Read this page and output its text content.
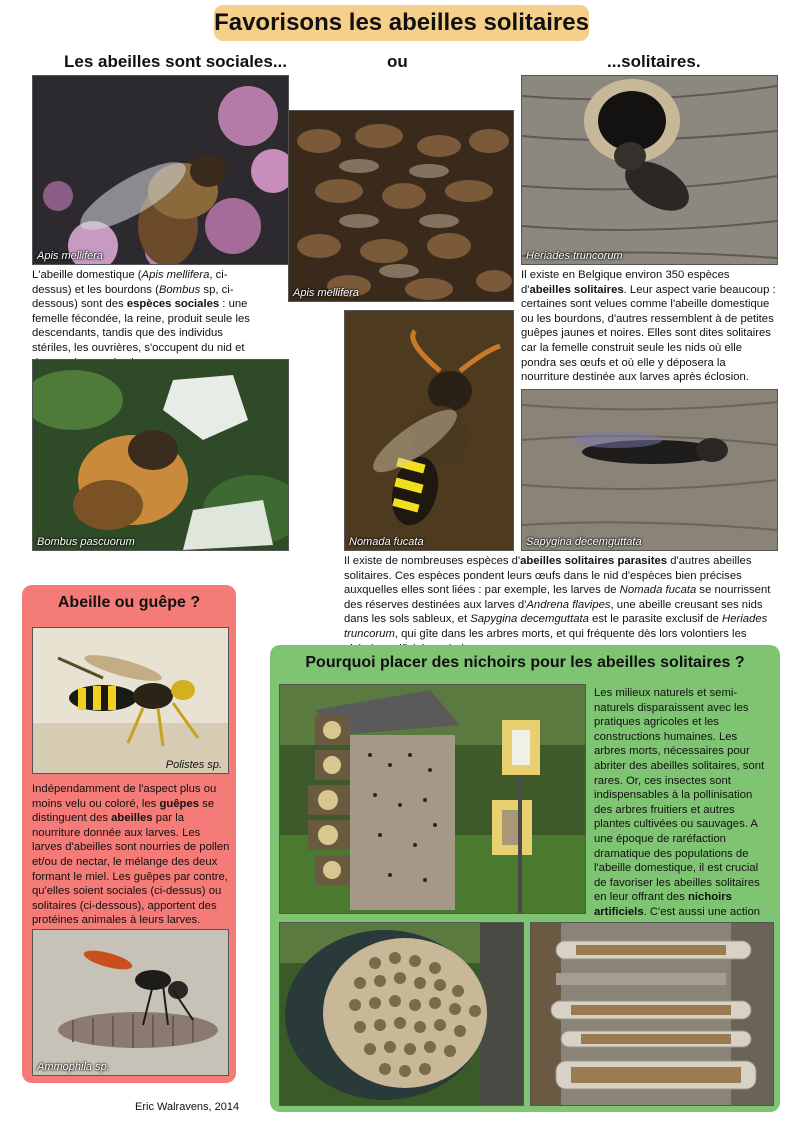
Favorisons les abeilles solitaires
Les abeilles sont sociales...	ou	...solitaires.
Apis mellifera
Apis mellifera
Heriades truncorum
L'abeille domestique (Apis mellifera, ci-dessus) et les bourdons (Bombus sp, ci-dessous) sont des espèces sociales : une femelle fécondée, la reine, produit seule les descendants, tandis que des individus stériles, les ouvrières, s'occupent du nid et
Il existe en Belgique environ 350 espèces d'abeilles solitaires. Leur aspect varie beaucoup : certaines sont velues comme l'abeille domestique ou les bourdons, d'autres ressemblent à de petites guêpes jaunes et noires. Elles sont dites solitaires car la femelle construit seule les nids où elle pondra ses œufs et où elle y déposera la nourriture destinée aux larves après éclosion.
Bombus pascuorum	Nomada fucata	Sapygina decemguttata
Il existe de nombreuses espèces d'abeilles solitaires parasites d'autres abeilles solitaires. Ces espèces pondent leurs œufs dans le nid d'espèces bien précises auxquelles elles sont liées : par exemple, les larves de Nomada fucata se nourrissent des réserves destinées aux larves d'Andrena flavipes, une abeille creusant ses nids dans les sols sableux, et Sapygina decemguttata est le parasite exclusif de Heriades truncorum, qui gîte dans les arbres morts, et qui fréquente dès lors volontiers les
Abeille ou guêpe ?
Polistes sp.
Indépendamment de l'aspect plus ou moins velu ou coloré, les guêpes se distinguent des abeilles par la nourriture donnée aux larves. Les larves d'abeilles sont nourries de pollen et/ou de nectar, le mélange des deux formant le miel. Les guêpes par contre, qu'elles soient sociales (ci-dessus) ou solitaires (ci-dessous), apportent des protéines animales à leurs larves.
Ammophila sp.
Eric Walravens, 2014
Pourquoi placer des nichoirs pour les abeilles solitaires ?
Les milieux naturels et semi-naturels disparaissent avec les pratiques agricoles et les constructions humaines. Les arbres morts, nécessaires pour abriter des abeilles solitaires, sont rares. Or, ces insectes sont indispensables à la pollinisation des arbres fruitiers et autres plantes cultivées ou sauvages. A une époque de raréfaction dramatique des populations de l'abeille domestique, il est crucial de favoriser les abeilles solitaires en leur offrant des nichoirs artificiels. C'est aussi une action
